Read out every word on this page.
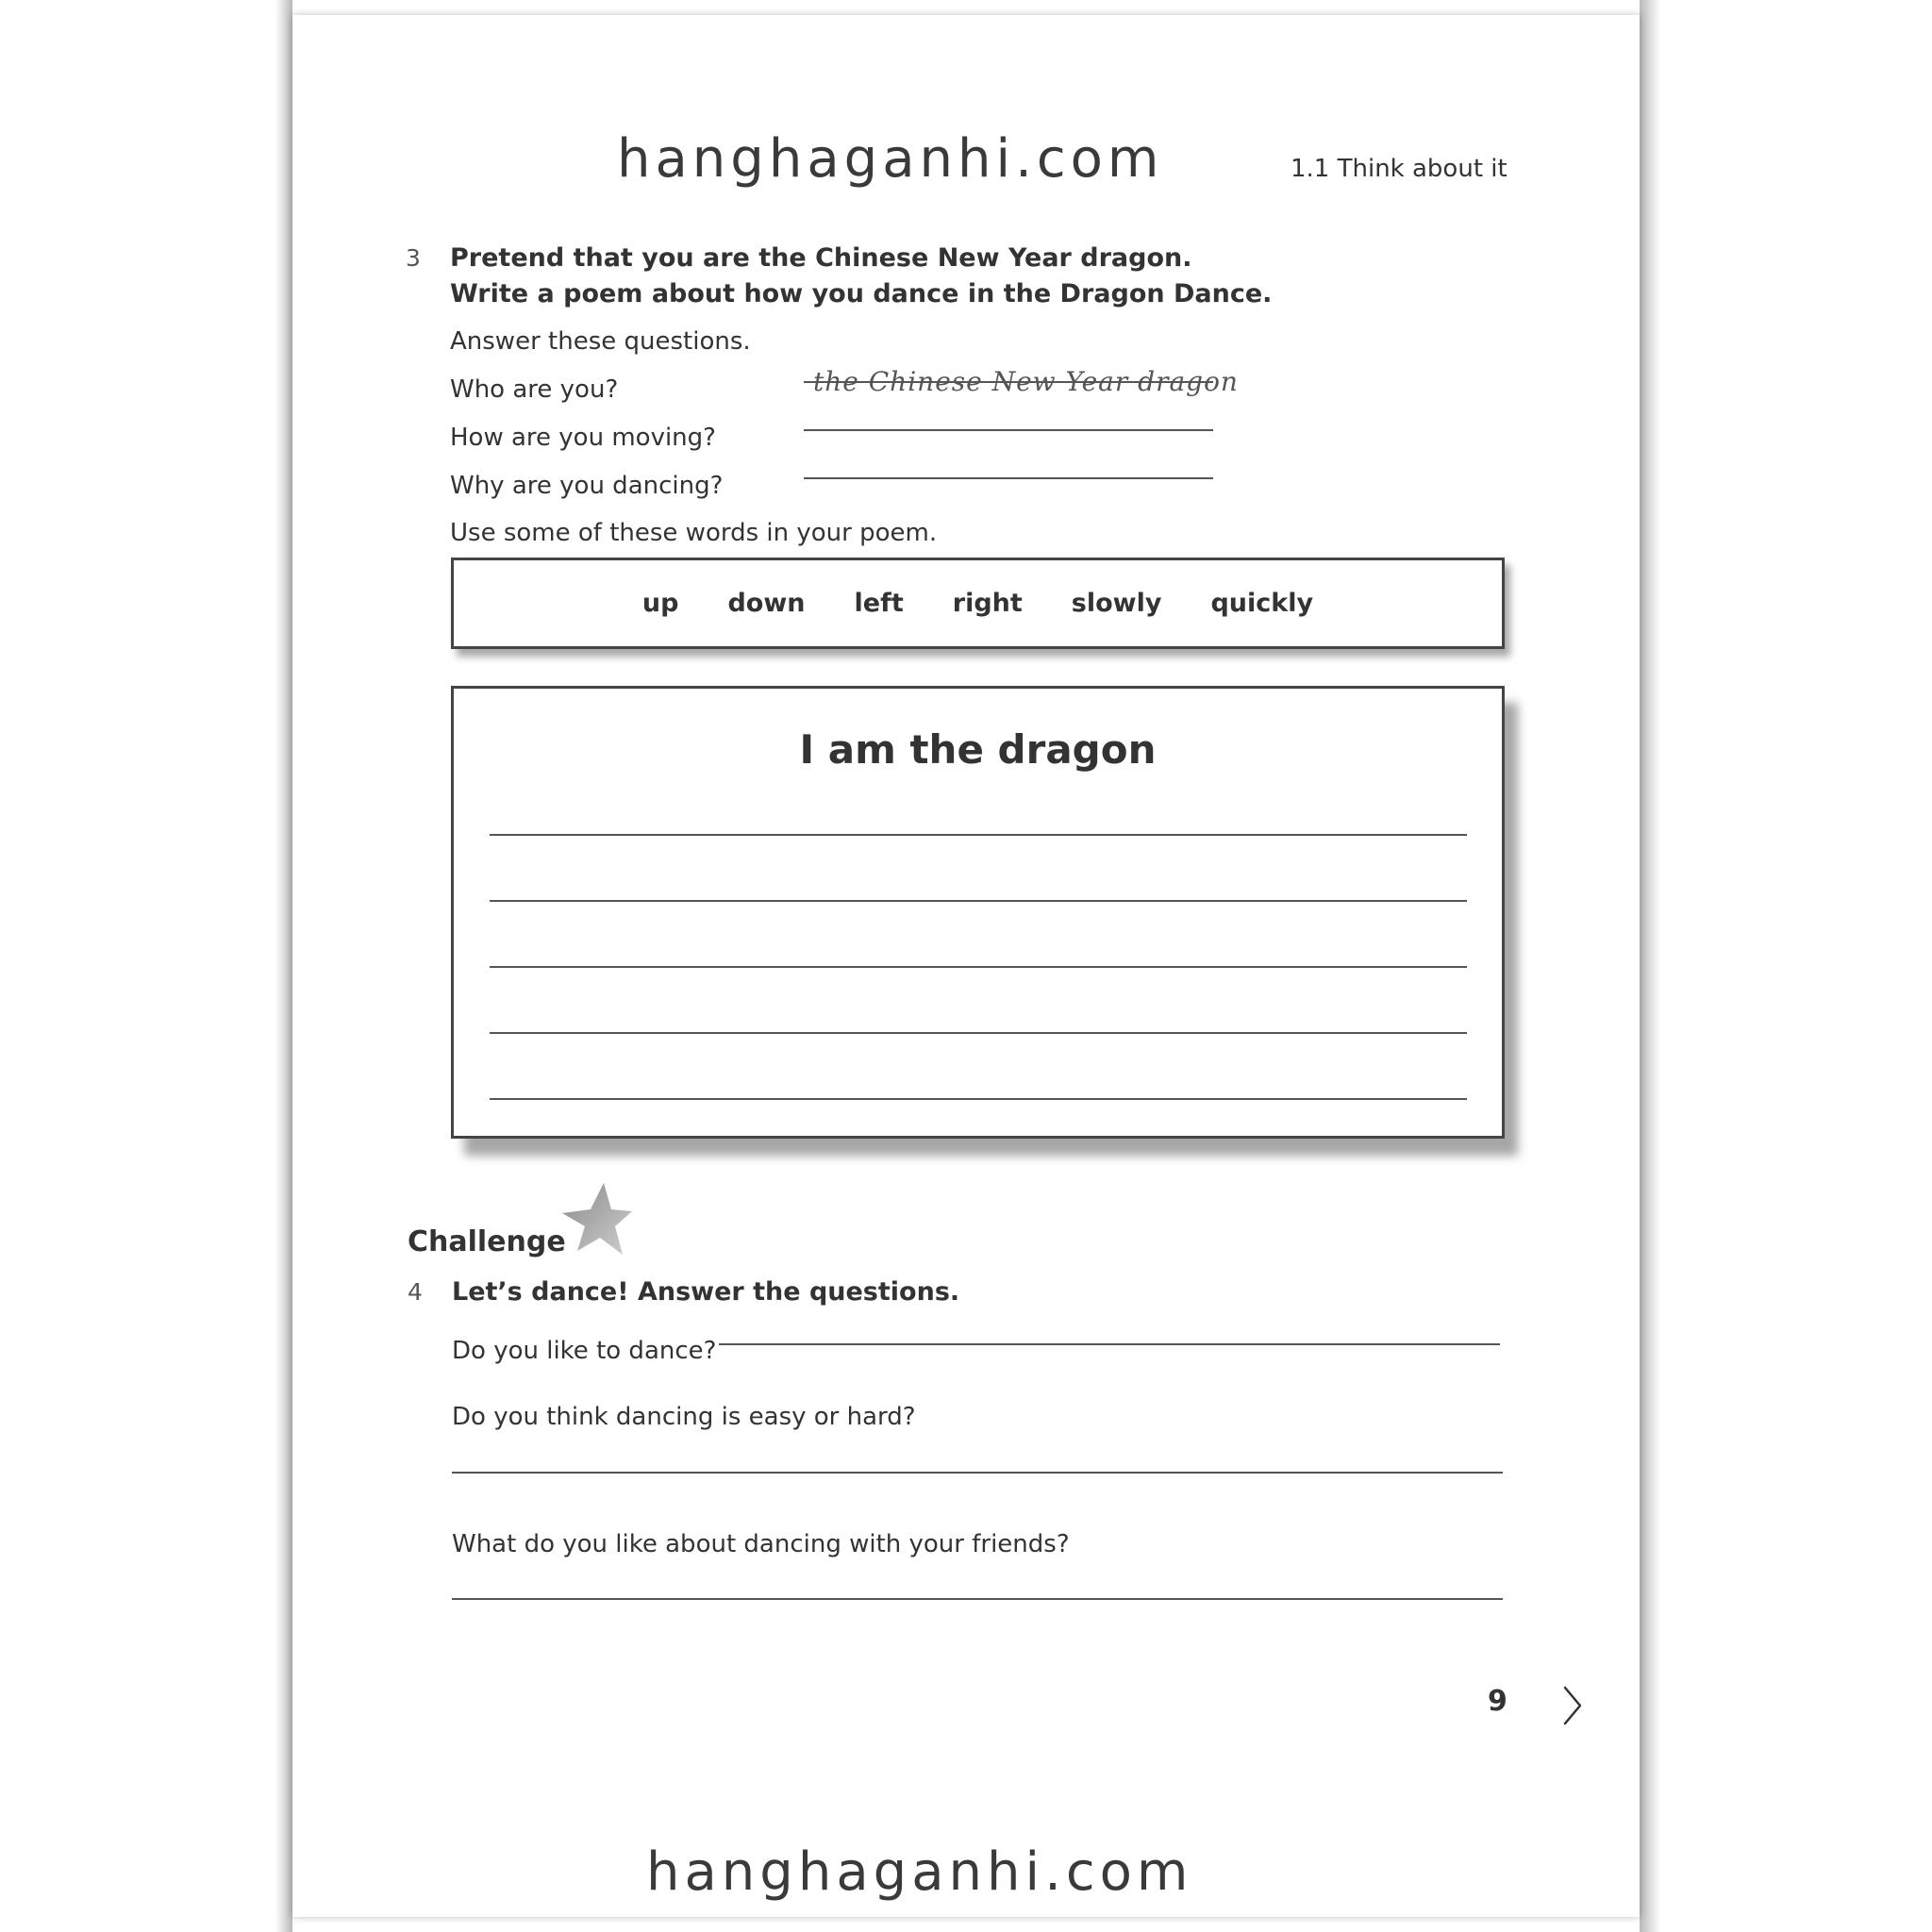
hanghaganhi.com	1.1 Think about it
3 Pretend that you are the Chinese New Year dragon.
Write a poem about how you dance in the Dragon Dance.
Answer these questions.
Who are you?	the Chinese New Year dragon
How are you moving?
Why are you dancing?
Use some of these words in your poem.
up down left right slowly quickly
I am the dragon
Challenge
4 Let’s dance! Answer the questions.
Do you like to dance?
Do you think dancing is easy or hard?
What do you like about dancing with your friends?
9
hanghaganhi.com
